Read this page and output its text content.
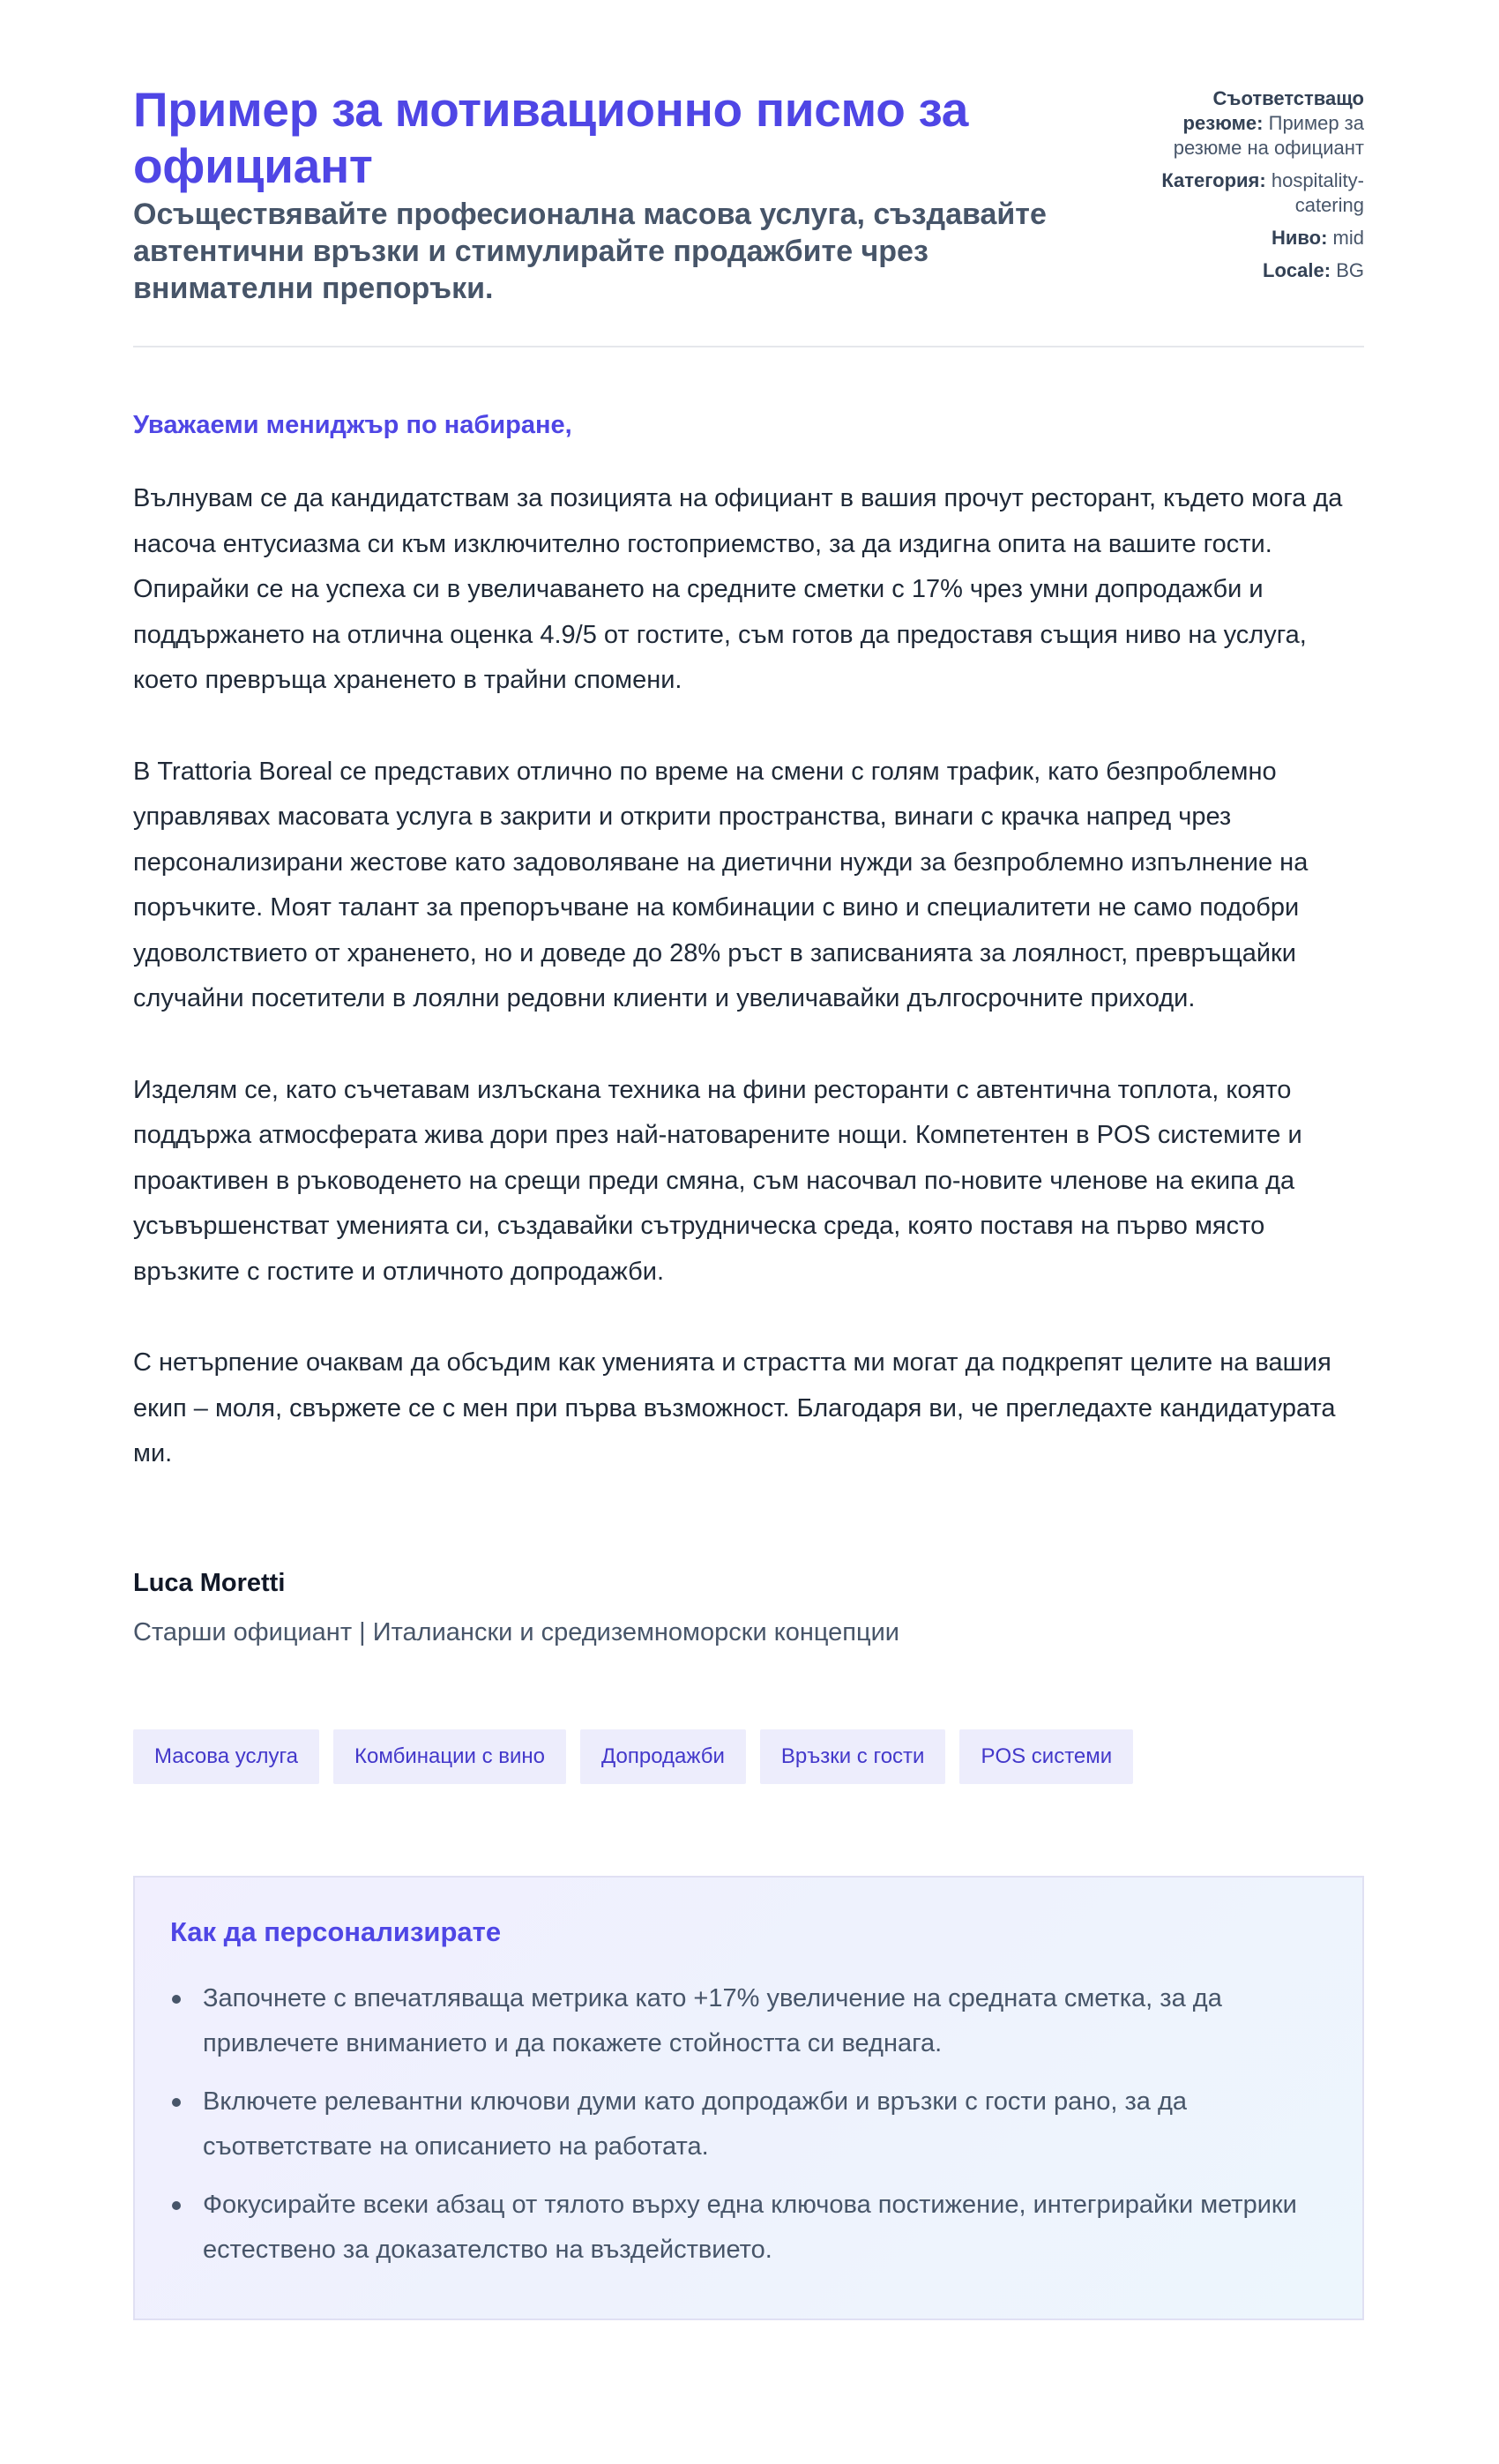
Пример за мотивационно писмо за официант

Осъществявайте професионална масова услуга, създавайте автентични връзки и стимулирайте продажбите чрез внимателни препоръки.

Съответстващо резюме: Пример за резюме на официант
Категория: hospitality-catering
Ниво: mid
Locale: BG

Уважаеми мениджър по набиране,

Вълнувам се да кандидатствам за позицията на официант в вашия прочут ресторант, където мога да насоча ентусиазма си към изключително гостоприемство, за да издигна опита на вашите гости. Опирайки се на успеха си в увеличаването на средните сметки с 17% чрез умни допродажби и поддържането на отлична оценка 4.9/5 от гостите, съм готов да предоставя същия ниво на услуга, което превръща храненето в трайни спомени.

В Trattoria Boreal се представих отлично по време на смени с голям трафик, като безпроблемно управлявах масовата услуга в закрити и открити пространства, винаги с крачка напред чрез персонализирани жестове като задоволяване на диетични нужди за безпроблемно изпълнение на поръчките. Моят талант за препоръчване на комбинации с вино и специалитети не само подобри удоволствието от храненето, но и доведе до 28% ръст в записванията за лоялност, превръщайки случайни посетители в лоялни редовни клиенти и увеличавайки дългосрочните приходи.

Изделям се, като съчетавам излъскана техника на фини ресторанти с автентична топлота, която поддържа атмосферата жива дори през най-натоварените нощи. Компетентен в POS системите и проактивен в ръководенето на срещи преди смяна, съм насочвал по-новите членове на екипа да усъвършенстват уменията си, създавайки сътрудническа среда, която поставя на първо място връзките с гостите и отличното допродажби.

С нетърпение очаквам да обсъдим как уменията и страстта ми могат да подкрепят целите на вашия екип – моля, свържете се с мен при първа възможност. Благодаря ви, че прегледахте кандидатурата ми.

Luca Moretti

Старши официант | Италиански и средиземноморски концепции

Масова услуга	Комбинации с вино	Допродажби	Връзки с гости	POS системи
Как да персонализирате
Започнете с впечатляваща метрика като +17% увеличение на средната сметка, за да привлечете вниманието и да покажете стойността си веднага.
Включете релевантни ключови думи като допродажби и връзки с гости рано, за да съответствате на описанието на работата.
Фокусирайте всеки абзац от тялото върху една ключова постижение, интегрирайки метрики естествено за доказателство на въздействието.
